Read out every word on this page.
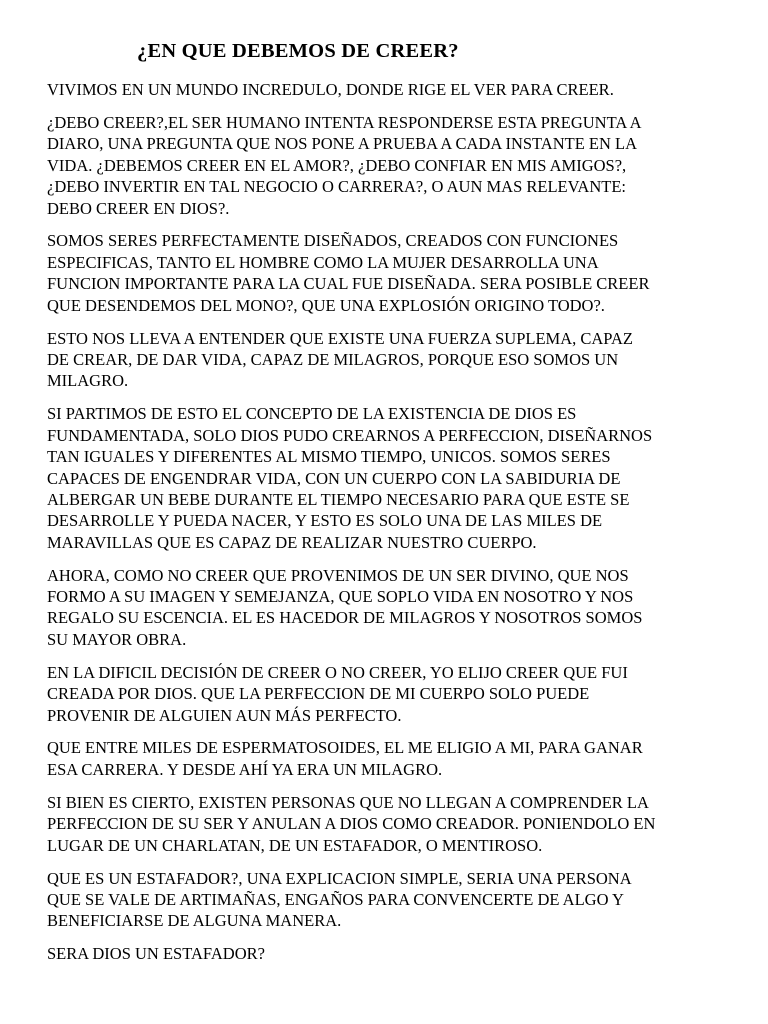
¿EN QUE DEBEMOS DE CREER?

VIVIMOS EN UN MUNDO INCREDULO, DONDE RIGE EL VER PARA CREER.

¿DEBO CREER?,EL SER HUMANO INTENTA RESPONDERSE ESTA PREGUNTA A
DIARO, UNA PREGUNTA QUE NOS PONE A PRUEBA A CADA INSTANTE EN LA
VIDA. ¿DEBEMOS CREER EN EL AMOR?, ¿DEBO CONFIAR EN MIS AMIGOS?,
¿DEBO INVERTIR EN TAL NEGOCIO O CARRERA?, O AUN MAS RELEVANTE:
DEBO CREER EN DIOS?.

SOMOS SERES PERFECTAMENTE DISEÑADOS, CREADOS CON FUNCIONES
ESPECIFICAS, TANTO EL HOMBRE COMO LA MUJER DESARROLLA UNA
FUNCION IMPORTANTE PARA LA CUAL FUE DISEÑADA. SERA POSIBLE CREER
QUE DESENDEMOS DEL MONO?, QUE UNA EXPLOSIÓN ORIGINO TODO?.

ESTO NOS LLEVA A ENTENDER QUE EXISTE UNA FUERZA SUPLEMA, CAPAZ
DE CREAR, DE DAR VIDA, CAPAZ DE MILAGROS, PORQUE ESO SOMOS UN
MILAGRO.

SI PARTIMOS DE ESTO EL CONCEPTO DE LA EXISTENCIA DE DIOS ES
FUNDAMENTADA, SOLO DIOS PUDO CREARNOS A PERFECCION, DISEÑARNOS
TAN IGUALES Y DIFERENTES AL MISMO TIEMPO, UNICOS. SOMOS SERES
CAPACES DE ENGENDRAR VIDA, CON UN CUERPO CON LA SABIDURIA DE
ALBERGAR UN BEBE DURANTE EL TIEMPO NECESARIO PARA QUE ESTE SE
DESARROLLE Y PUEDA NACER, Y ESTO ES SOLO UNA DE LAS MILES DE
MARAVILLAS QUE ES CAPAZ DE REALIZAR NUESTRO CUERPO.

AHORA, COMO NO CREER QUE PROVENIMOS DE UN SER DIVINO, QUE NOS
FORMO A SU IMAGEN Y SEMEJANZA, QUE SOPLO VIDA EN NOSOTRO Y NOS
REGALO SU ESCENCIA. EL ES HACEDOR DE MILAGROS Y NOSOTROS SOMOS
SU MAYOR OBRA.

EN LA DIFICIL DECISIÓN DE CREER O NO CREER, YO ELIJO CREER QUE FUI
CREADA POR DIOS. QUE LA PERFECCION DE MI CUERPO SOLO PUEDE
PROVENIR DE ALGUIEN AUN MÁS PERFECTO.

QUE ENTRE MILES DE ESPERMATOSOIDES, EL ME ELIGIO A MI, PARA GANAR
ESA CARRERA. Y DESDE AHÍ YA ERA UN MILAGRO.

SI BIEN ES CIERTO, EXISTEN PERSONAS QUE NO LLEGAN A COMPRENDER LA
PERFECCION DE SU SER Y ANULAN A DIOS COMO CREADOR. PONIENDOLO EN
LUGAR DE UN CHARLATAN, DE UN ESTAFADOR, O MENTIROSO.

QUE ES UN ESTAFADOR?, UNA EXPLICACION SIMPLE, SERIA UNA PERSONA
QUE SE VALE DE ARTIMAÑAS, ENGAÑOS PARA CONVENCERTE DE ALGO Y
BENEFICIARSE DE ALGUNA MANERA.

SERA DIOS UN ESTAFADOR?
